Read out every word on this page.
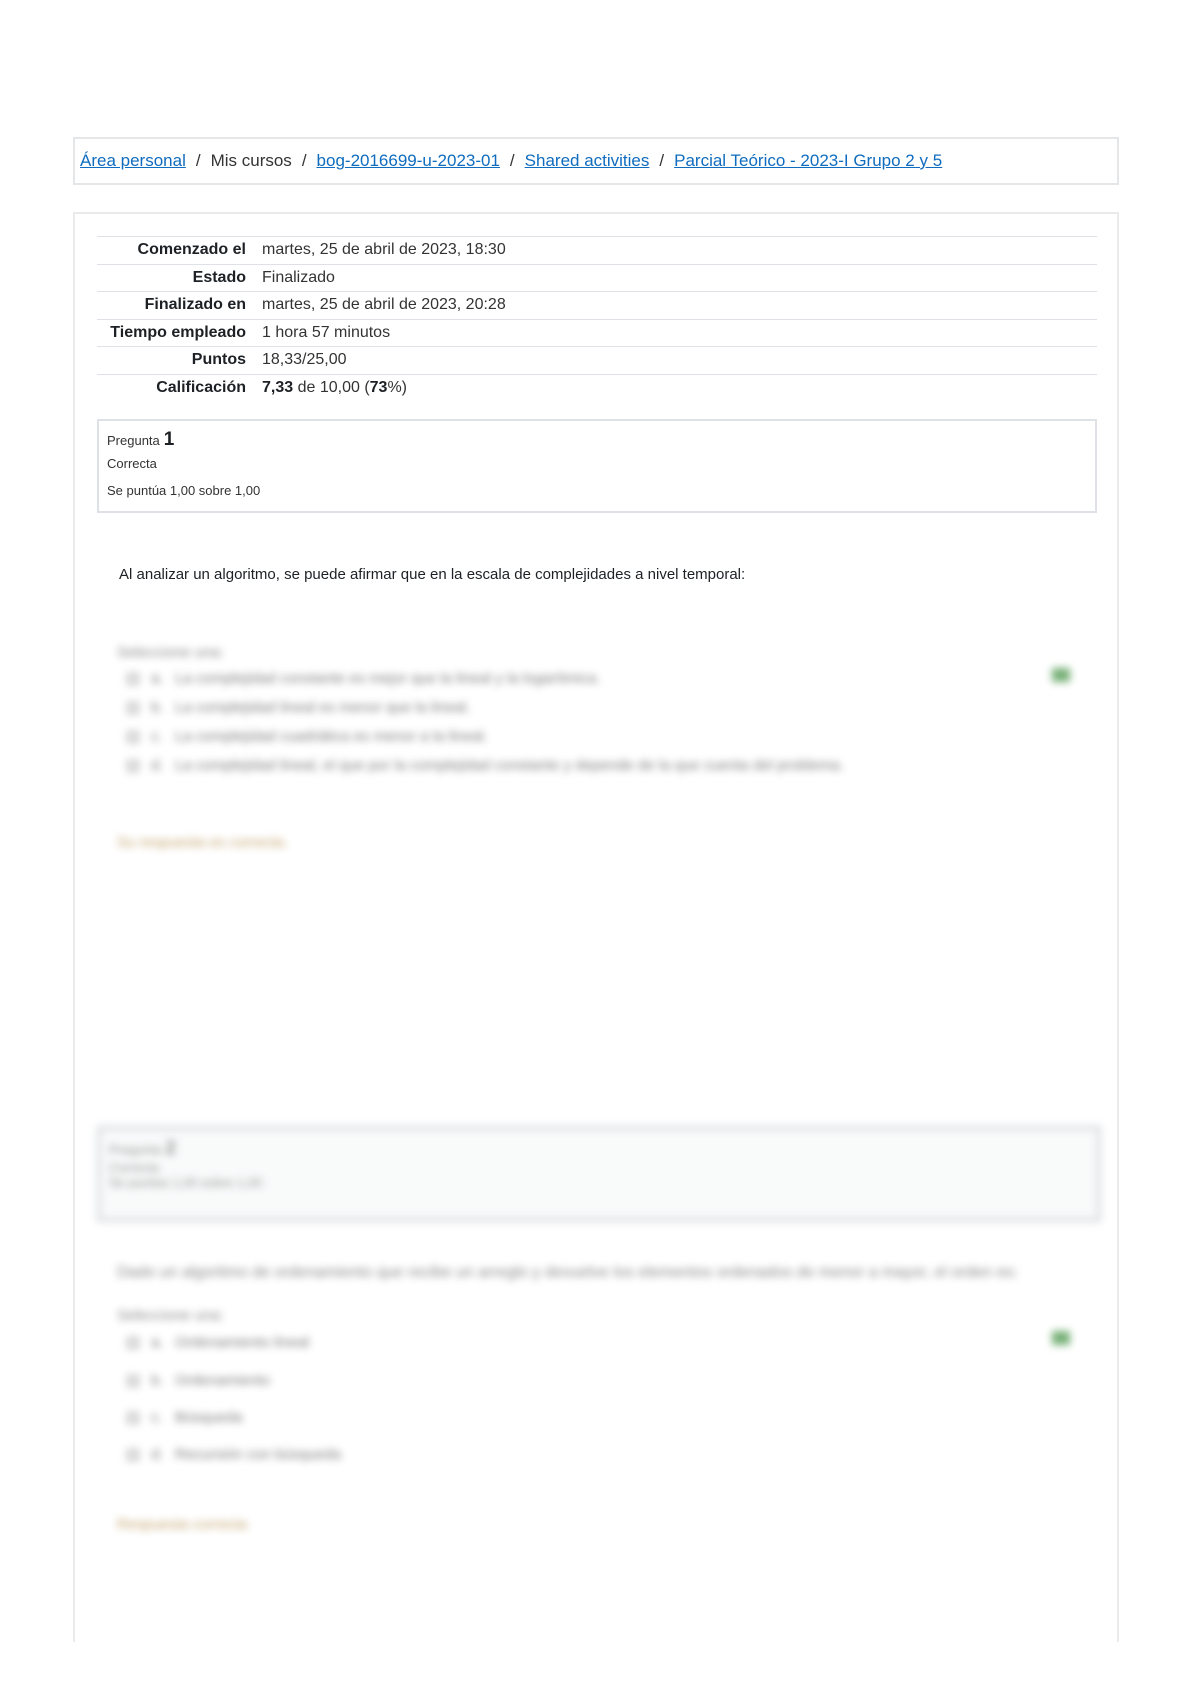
Área personal / Mis cursos / bog-2016699-u-2023-01 / Shared activities / Parcial Teórico - 2023-I Grupo 2 y 5
Comenzado el	martes, 25 de abril de 2023, 18:30
Estado	Finalizado
Finalizado en	martes, 25 de abril de 2023, 20:28
Tiempo empleado	1 hora 57 minutos
Puntos	18,33/25,00
Calificación	7,33 de 10,00 (73%)
Pregunta 1
Correcta
Se puntúa 1,00 sobre 1,00
Al analizar un algoritmo, se puede afirmar que en la escala de complejidades a nivel temporal:
Seleccione una:
a. La complejidad constante es mejor que la lineal y la logarítmica.
b. La complejidad lineal es menor que la lineal.
c. La complejidad cuadrática es menor a la lineal.
d. La complejidad lineal, el que por la complejidad constante y depende de la que cuenta del problema.
Su respuesta es correcta.
Pregunta 2
Correcta
Se puntúa 1,00 sobre 1,00
Dado un algoritmo de ordenamiento que recibe un arreglo y devuelve los elementos ordenados de menor a mayor, el orden es:
Seleccione una:
a. Ordenamiento lineal
b. Ordenamiento
c. Búsqueda
d. Recursión con búsqueda
Respuesta correcta
